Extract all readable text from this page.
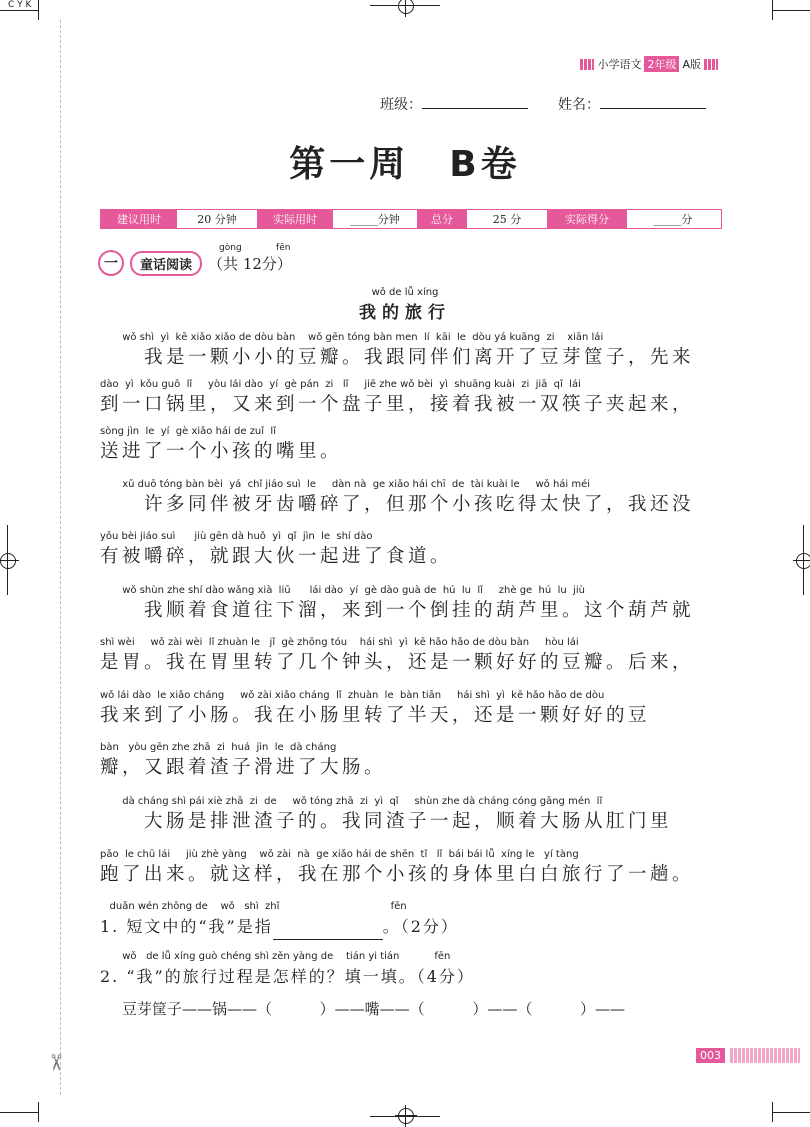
C Y K
✂
小学语文 2年级 A版
班级：	姓名：
第一周　B卷
建议用时	20 分钟	实际用时	_____分钟	总分	25 分	实际得分	_____分
一	童话阅读	（
gòng
共
fēn
12分）
wǒ de lǚ xíng
我的旅行
wǒ shì  yì  kē xiǎo xiǎo de dòu bàn    wǒ gēn tóng bàn men  lí  kāi  le  dòu yá kuāng  zi    xiān lái
　　我是一颗小小的豆瓣。我跟同伴们离开了豆芽筐子，先来
dào  yì  kǒu guō  lǐ     yòu lái dào  yí  gè pán  zi   lǐ     jiē zhe wǒ bèi  yì  shuāng kuài  zi  jiā  qǐ  lái
到一口锅里，又来到一个盘子里，接着我被一双筷子夹起来，
sòng jìn  le  yí  gè xiǎo hái de zuǐ  lǐ
送进了一个小孩的嘴里。
xǔ duō tóng bàn bèi  yá  chǐ jiáo suì  le     dàn nà  ge xiǎo hái chī  de  tài kuài le     wǒ hái méi
　　许多同伴被牙齿嚼碎了，但那个小孩吃得太快了，我还没
yǒu bèi jiáo suì      jiù gēn dà huǒ  yì  qǐ  jìn  le  shí dào
有被嚼碎，就跟大伙一起进了食道。
wǒ shùn zhe shí dào wǎng xià  liū      lái dào  yí  gè dào guà de  hú  lu  lǐ     zhè ge  hú  lu  jiù
　　我顺着食道往下溜，来到一个倒挂的葫芦里。这个葫芦就
shì wèi     wǒ zài wèi  lǐ zhuàn le   jǐ  gè zhōng tóu    hái shì  yì  kē hǎo hǎo de dòu bàn     hòu lái
是胃。我在胃里转了几个钟头，还是一颗好好的豆瓣。后来，
wǒ lái dào  le xiǎo cháng     wǒ zài xiǎo cháng  lǐ  zhuàn  le  bàn tiān     hái shì  yì  kē hǎo hǎo de dòu
我来到了小肠。我在小肠里转了半天，还是一颗好好的豆
bàn   yòu gēn zhe zhā  zi  huá  jìn  le  dà cháng
瓣，又跟着渣子滑进了大肠。
dà cháng shì pái xiè zhā  zi  de     wǒ tóng zhā  zi  yì  qǐ     shùn zhe dà cháng cóng gāng mén  lǐ
　　大肠是排泄渣子的。我同渣子一起，顺着大肠从肛门里
pǎo  le chū lái     jiù zhè yàng    wǒ zài  nà  ge xiǎo hái de shēn  tǐ   lǐ  bái bái lǚ  xíng le   yí tàng
跑了出来。就这样，我在那个小孩的身体里白白旅行了一趟。
duǎn wén zhōng de    wǒ   shì  zhǐ                                   fēn
1. 短文中的“我”是指	。（2分）
wǒ   de lǚ xíng guò chéng shì zěn yàng de    tián yi tián           fēn
2. “我”的旅行过程是怎样的？填一填。（4分）
豆芽筐子——锅——（          ）——嘴——（          ）——（          ）——
003
